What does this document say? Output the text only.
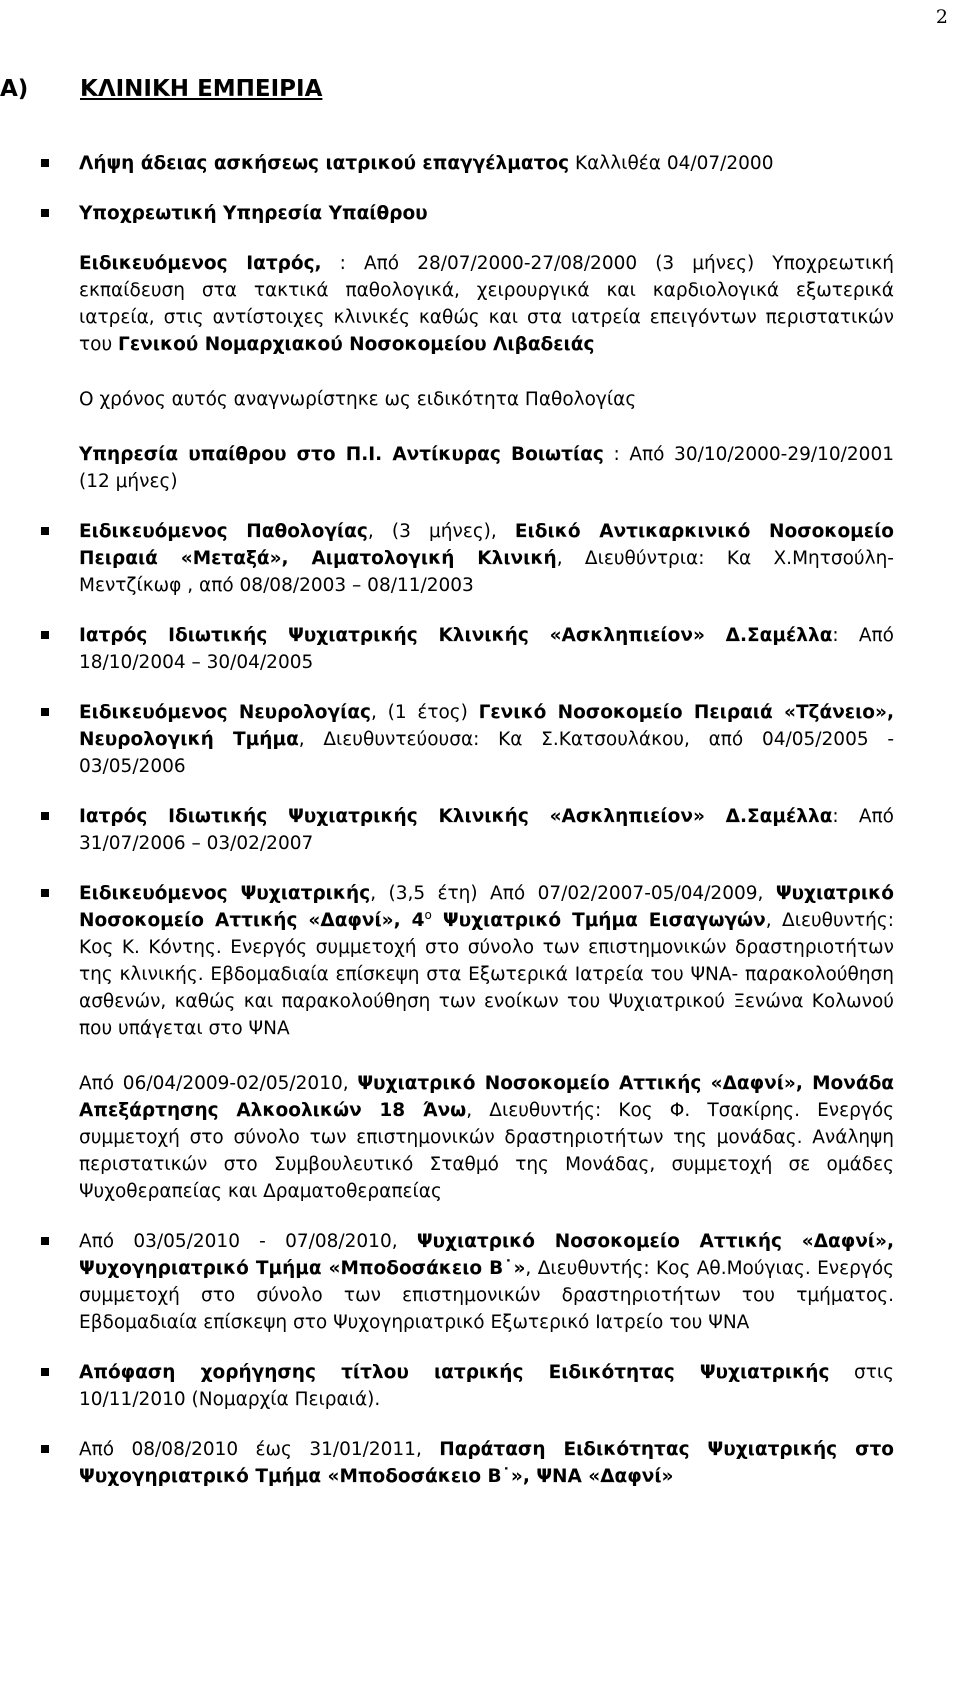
2
A) ΚΛΙΝΙΚΗ ΕΜΠΕΙΡΙΑ

Λήψη άδειας ασκήσεως ιατρικού επαγγέλματος Καλλιθέα 04/07/2000

Υποχρεωτική Υπηρεσία Υπαίθρου

Ειδικευόμενος Ιατρός, : Από 28/07/2000-27/08/2000 (3 μήνες) Υποχρεωτική εκπαίδευση στα τακτικά παθολογικά, χειρουργικά και καρδιολογικά εξωτερικά ιατρεία, στις αντίστοιχες κλινικές καθώς και στα ιατρεία επειγόντων περιστατικών του Γενικού Νομαρχιακού Νοσοκομείου Λιβαδειάς

Ο χρόνος αυτός αναγνωρίστηκε ως ειδικότητα Παθολογίας

Υπηρεσία υπαίθρου στο Π.Ι. Αντίκυρας Βοιωτίας : Από 30/10/2000-29/10/2001 (12 μήνες)

Ειδικευόμενος Παθολογίας, (3 μήνες), Ειδικό Αντικαρκινικό Νοσοκομείο Πειραιά «Μεταξά», Αιματολογική Κλινική, Διευθύντρια: Κα Χ.Μητσούλη-Μεντζίκωφ , από 08/08/2003 – 08/11/2003

Ιατρός Ιδιωτικής Ψυχιατρικής Κλινικής «Ασκληπιείον» Δ.Σαμέλλα: Από 18/10/2004 – 30/04/2005

Ειδικευόμενος Νευρολογίας, (1 έτος) Γενικό Νοσοκομείο Πειραιά «Τζάνειο», Νευρολογική Τμήμα, Διευθυντεύουσα: Κα Σ.Κατσουλάκου, από 04/05/2005 - 03/05/2006

Ιατρός Ιδιωτικής Ψυχιατρικής Κλινικής «Ασκληπιείον» Δ.Σαμέλλα: Από 31/07/2006 – 03/02/2007

Ειδικευόμενος Ψυχιατρικής, (3,5 έτη) Από 07/02/2007-05/04/2009, Ψυχιατρικό Νοσοκομείο Αττικής «Δαφνί», $4^o$ Ψυχιατρικό Τμήμα Εισαγωγών, Διευθυντής: Κος Κ. Κόντης. Ενεργός συμμετοχή στο σύνολο των επιστημονικών δραστηριοτήτων της κλινικής. Εβδομαδιαία επίσκεψη στα Εξωτερικά Ιατρεία του ΨΝΑ- παρακολούθηση ασθενών, καθώς και παρακολούθηση των ενοίκων του Ψυχιατρικού Ξενώνα Κολωνού που υπάγεται στο ΨΝΑ

Από 06/04/2009-02/05/2010, Ψυχιατρικό Νοσοκομείο Αττικής «Δαφνί», Μονάδα Απεξάρτησης Αλκοολικών 18 Άνω, Διευθυντής: Κος Φ. Τσακίρης. Ενεργός συμμετοχή στο σύνολο των επιστημονικών δραστηριοτήτων της μονάδας. Ανάληψη περιστατικών στο Συμβουλευτικό Σταθμό της Μονάδας, συμμετοχή σε ομάδες Ψυχοθεραπείας και Δραματοθεραπείας

Από 03/05/2010 - 07/08/2010, Ψυχιατρικό Νοσοκομείο Αττικής «Δαφνί», Ψυχογηριατρικό Τμήμα «Μποδοσάκειο Β˙», Διευθυντής: Κος Αθ.Μούγιας. Ενεργός συμμετοχή στο σύνολο των επιστημονικών δραστηριοτήτων του τμήματος. Εβδομαδιαία επίσκεψη στο Ψυχογηριατρικό Εξωτερικό Ιατρείο του ΨΝΑ

Απόφαση χορήγησης τίτλου ιατρικής Ειδικότητας Ψυχιατρικής στις 10/11/2010 (Νομαρχία Πειραιά).

Από 08/08/2010 έως 31/01/2011, Παράταση Ειδικότητας Ψυχιατρικής στο Ψυχογηριατρικό Τμήμα «Μποδοσάκειο Β˙», ΨΝΑ «Δαφνί»
